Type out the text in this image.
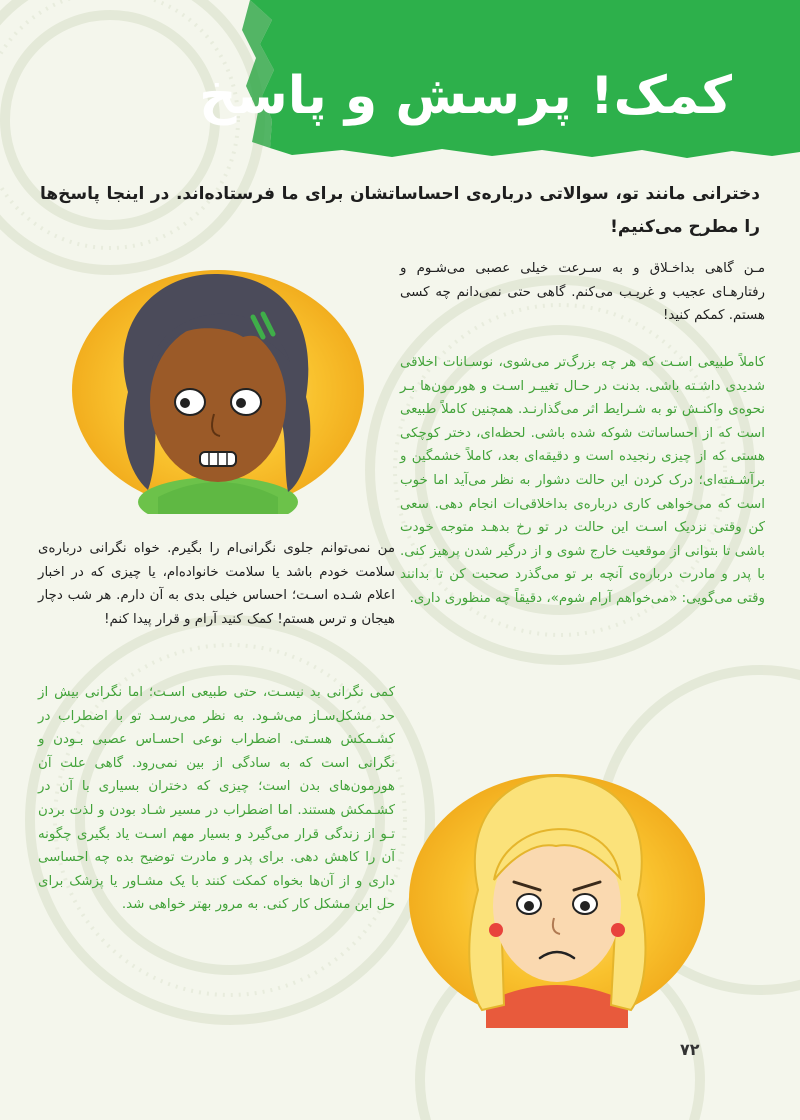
کمک! پرسش و پاسخ
دخترانی مانند تو، سوالاتی درباره‌ی احساساتشان برای ما فرستاده‌اند. در اینجا پاسخ‌ها را مطرح می‌کنیم!
مـن گاهی بداخـلاق و به سـرعت خیلی عصبی می‌شـوم و رفتارهـای عجیب و غریـب می‌کنم. گاهی حتی نمی‌دانم چه کسی هستم. کمکم کنید!
کاملاً طبیعی اسـت که هر چه بزرگ‌تر می‌شوی، نوسـانات اخلاقی شدیدی داشـته باشی. بدنت در حـال تغییـر اسـت و هورمون‌ها بـر نحوه‌ی واکنـش تو به شـرایط اثر می‌گذارنـد. همچنین کاملاً طبیعی است که از احساساتت شوکه شده باشی. لحظه‌ای، دختر کوچکی هستی که از چیزی رنجیده است و دقیقه‌ای بعد، کاملاً خشمگین و برآشـفته‌ای؛ درک کردن این حالت دشوار به نظر می‌آید اما خوب است که می‌خواهی کاری درباره‌ی بداخلاقی‌ات انجام دهی. سعی کن وقتی نزدیک اسـت این حالت در تو رخ بدهـد متوجه خودت باشی تا بتوانی از موقعیت خارج شوی و از درگیر شدن پرهیز کنی. با پدر و مادرت درباره‌ی آنچه بر تو می‌گذرد صحبت کن تا بدانند وقتی می‌گویی: «می‌خواهم آرام شوم»، دقیقاً چه منظوری داری.
من نمی‌توانم جلوی نگرانی‌ام را بگیرم. خواه نگرانی درباره‌ی سلامت خودم باشد یا سلامت خانواده‌ام، یا چیزی که در اخبار اعلام شـده اسـت؛ احساس خیلی بدی به آن دارم. هر شب دچار هیجان و ترس هستم! کمک کنید آرام و قرار پیدا کنم!
کمی نگرانی بد نیسـت، حتی طبیعی اسـت؛ اما نگرانی بیش از حد مشکل‌سـاز می‌شـود. به نظر می‌رسـد تو با اضطراب در کشـمکش هسـتی. اضطراب نوعی احسـاس عصبی بـودن و نگرانی است که به سادگی از بین نمی‌رود. گاهی علت آن هورمون‌های بدن است؛ چیزی که دختران بسیاری با آن در کشـمکش هستند. اما اضطراب در مسیر شـاد بودن و لذت بردن تـو از زندگی قرار می‌گیرد و بسیار مهم اسـت یاد بگیری چگونه آن را کاهش دهی. برای پدر و مادرت توضیح بده چه احساسی داری و از آن‌ها بخواه کمکت کنند با یک مشـاور یا پزشک برای حل این مشکل کار کنی. به مرور بهتر خواهی شد.
۷۲
